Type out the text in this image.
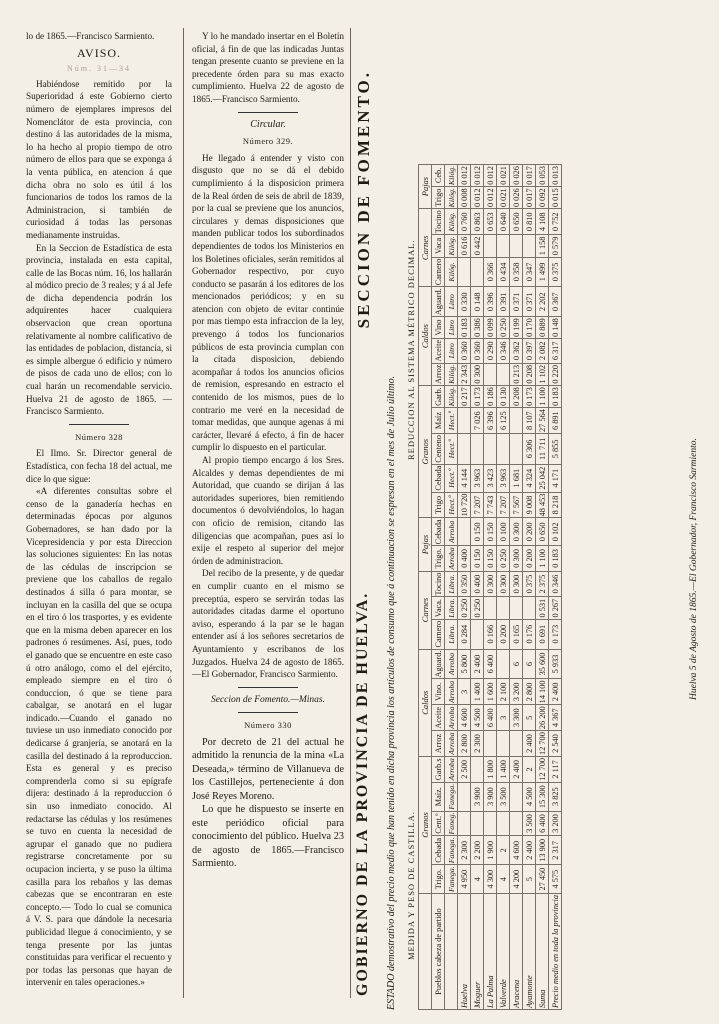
lo de 1865.—Francisco Sarmiento.

AVISO.

Núm. 31—34

Habiéndose remitido por la Superioridad á este Gobierno cierto número de ejemplares impresos del Nomenclátor de esta provincia, con destino á las autoridades de la misma, lo ha hecho al propio tiempo de otro número de ellos para que se exponga á la venta pública, en atencion á que dicha obra no solo es útil á los funcionarios de todos los ramos de la Administracion, si también de curiosidad á todas las personas medianamente instruidas.

En la Seccion de Estadística de esta provincia, instalada en esta capital, calle de las Bocas núm. 16, los hallarán al módico precio de 3 reales; y á al Jefe de dicha dependencia podrán los adquirentes hacer cualquiera observacion que crean oportuna relativamente al nombre calificativo de las entidades de poblacion, distancia, si es simple albergue ó edificio y número de pisos de cada uno de ellos; con lo cual harán un recomendable servicio. Huelva 21 de agosto de 1865. —Francisco Sarmiento.

Número 328

El Ilmo. Sr. Director general de Estadística, con fecha 18 del actual, me dice lo que sigue:

«A diferentes consultas sobre el censo de la ganadería hechas en determinadas épocas por algunos Gobernadores, se han dado por la Vicepresidencia y por esta Direccion las soluciones siguientes: En las notas de las cédulas de inscripcion se previene que los caballos de regalo destinados á silla ó para montar, se incluyan en la casilla del que se ocupa en el tiro ó los trasportes, y es evidente que en la misma deben aparecer en los padrones ó resúmenes. Así, pues, todo el ganado que se encuentre en este caso ú otro análogo, como el del ejército, empleado siempre en el tiro ó conduccion, ó que se tiene para cabalgar, se anotará en el lugar indicado.—Cuando el ganado no tuviese un uso inmediato conocido por dedicarse á granjería, se anotará en la casilla del destinado á la reproduccion. Esta es general y es preciso comprenderla como si su epígrafe dijera: destinado á la reproduccion ó sin uso inmediato conocido. Al redactarse las cédulas y los resúmenes se tuvo en cuenta la necesidad de agrupar el ganado que no pudiera registrarse concretamente por su ocupacion incierta, y se puso la última casilla para los rebaños y las demas cabezas que se encontraran en este concepto.— Todo lo cual se comunica á V. S. para que dándole la necesaria publicidad llegue á conocimiento, y se tenga presente por las juntas constituidas para verificar el recuento y por todas las personas que hayan de intervenir en tales operaciones.»

Y lo he mandado insertar en el Boletín oficial, á fin de que las indicadas Juntas tengan presente cuanto se previene en la precedente órden para su mas exacto cumplimiento. Huelva 22 de agosto de 1865.—Francisco Sarmiento.

Circular.

Número 329.

He llegado á entender y visto con disgusto que no se dá el debido cumplimiento á la disposicion primera de la Real órden de seis de abril de 1839, por la cual se previene que los anuncios, circulares y demas disposiciones que manden publicar todos los subordinados dependientes de todos los Ministerios en los Boletines oficiales, serán remitidos al Gobernador respectivo, por cuyo conducto se pasarán á los editores de los mencionados periódicos; y en su atencion con objeto de evitar continúe por mas tiempo esta infraccion de la ley, prevengo á todos los funcionarios públicos de esta provincia cumplan con la citada disposicion, debiendo acompañar á todos los anuncios oficios de remision, espresando en estracto el contenido de los mismos, pues de lo contrario me veré en la necesidad de tomar medidas, que aunque agenas á mi carácter, llevaré á efecto, á fin de hacer cumplir lo dispuesto en el particular.

Al propio tiempo encargo á los Sres. Alcaldes y demas dependientes de mi Autoridad, que cuando se dirijan á las autoridades superiores, bien remitiendo documentos ó devolviéndolos, lo hagan con oficio de remision, citando las diligencias que acompañan, pues así lo exije el respeto al superior del mejor órden de administracion.

Del recibo de la presente, y de quedar en cumplir cuanto en el mismo se preceptúa, espero se servirán todas las autoridades citadas darme el oportuno aviso, esperando á la par se le hagan entender así á los señores secretarios de Ayuntamiento y escribanos de los Juzgados. Huelva 24 de agosto de 1865. —El Gobernador, Francisco Sarmiento.

Seccion de Fomento.—Minas.

Número 330

Por decreto de 21 del actual he admitido la renuncia de la mina «La Deseada,» término de Villanueva de los Castillejos, perteneciente á don José Reyes Moreno.

Lo que he dispuesto se inserte en este periódico oficial para conocimiento del público. Huelva 23 de agosto de 1865.—Francisco Sarmiento.	GOBIERNO DE LA PROVINCIA DE HUELVA.
SECCION DE FOMENTO.
ESTADO demostrativo del precio medio que han tenido en dicha provincia los artículos de consumo que á continuacion se espresan en el mes de Julio último. MEDIDA Y PESO DE CASTILLA.
REDUCCION AL SISTEMA MÉTRICO DECIMAL.
	Granos					Caldos				Carnes			Pajas		Granos					Caldos				Carnes			Pajas	
Pueblos cabeza de partido	Trigo.	Cebada	Cent.º	Maíz.	Garb.s	Arroz	Aceite	Vino.	Aguard.	Carnero	Vaca.	Tocino	Trigo.	Cebada	Trigo	Cebada	Centeno	Maíz	Garb.	Arroz	Aceite	Vino	Aguard.	Carnero	Vaca	Tocino	Trigo	Ceb.
	Fanega.	Fanega.	Faneg.	Fanega.	Arroba	Arroba	Arroba	Arroba	Arroba	Libra.	Libra.	Libra.	Arroba	Arroba	Hect.º	Hect.º	Hect.º	Hect.º	Kilóg.	Kilóg.	Litro	Litro	Litro	Kilóg.	Kilóg.	Kilóg.	Kilóg.	Kilóg.
Huelva	4 950	2 300			2 500	2 800	4 600	3	5 800	0 284	0 250	0 350	0 400		10 720	4 144			0 217	2 343	0 360	0 183	0 330		0 616	0 760	0 008	0 012
Moguer	4	2 200		3 900		2 300	4 500	1 400	2 400		0 250	0 400	0 150	0 150	7 207	3 963		7 026	0 173	0 300	0 360	0 386	0 148		0 442	0 863	0 012	0 012
La Palma	4 300	1 900		3 900	1 800		6 400	1 600	6 400	0 166		0 300	0 150	0 150	7 743	3 423		6 396	0 186		0 290	0 099	0 396	0 366		0 653	0 012	0 012
Valverde	4	2		3 500	1 400		3	2 100		0 200		0 300	0 250	0 100	7 207	3 963		6 125	0 130		0 346	0 250	0 391	0 434		0 640	0 021	0 021
Aracena	4 200	4 600			2 400		3 300	3 200	6	0 165		0 300	0 300	0 300	7 567	1 681			0 208	0 213	0 362	0 199	0 371	0 358		0 650	0 026	0 026
Ayamonte	5	2 400	3 500	4 500	2	2 400	5	2 800	6	0 176		0 375	0 200	0 200	9 008	4 324	6 306	8 107	0 173	0 208	0 397	0 170	0 371	0 347		0 810	0 017	0 017
Suma	27 450	13 900	6 400	15 300	12 700	12 700	26 200	14 100	35 600	0 691	0 531	2 375	1 100	0 650	48 453	25 042	11 711	27 564	1 100	1 102	2 082	0 889	2 202	1 499	1 158	4 108	0 092	0 053
Precio medio en toda la provincia	4 575	2 317	3 200	3 825	2 117	2 540	4 367	2 400	5 933	0 173	0 267	0 346	0 183	0 102	8 218	4 171	5 855	6 891	0 183	0 220	6 317	0 148	0 367	0 375	0 579	0 752	0 015	0 013
Huelva 5 de Agosto de 1865.—El Gobernador, Francisco Sarmiento.
